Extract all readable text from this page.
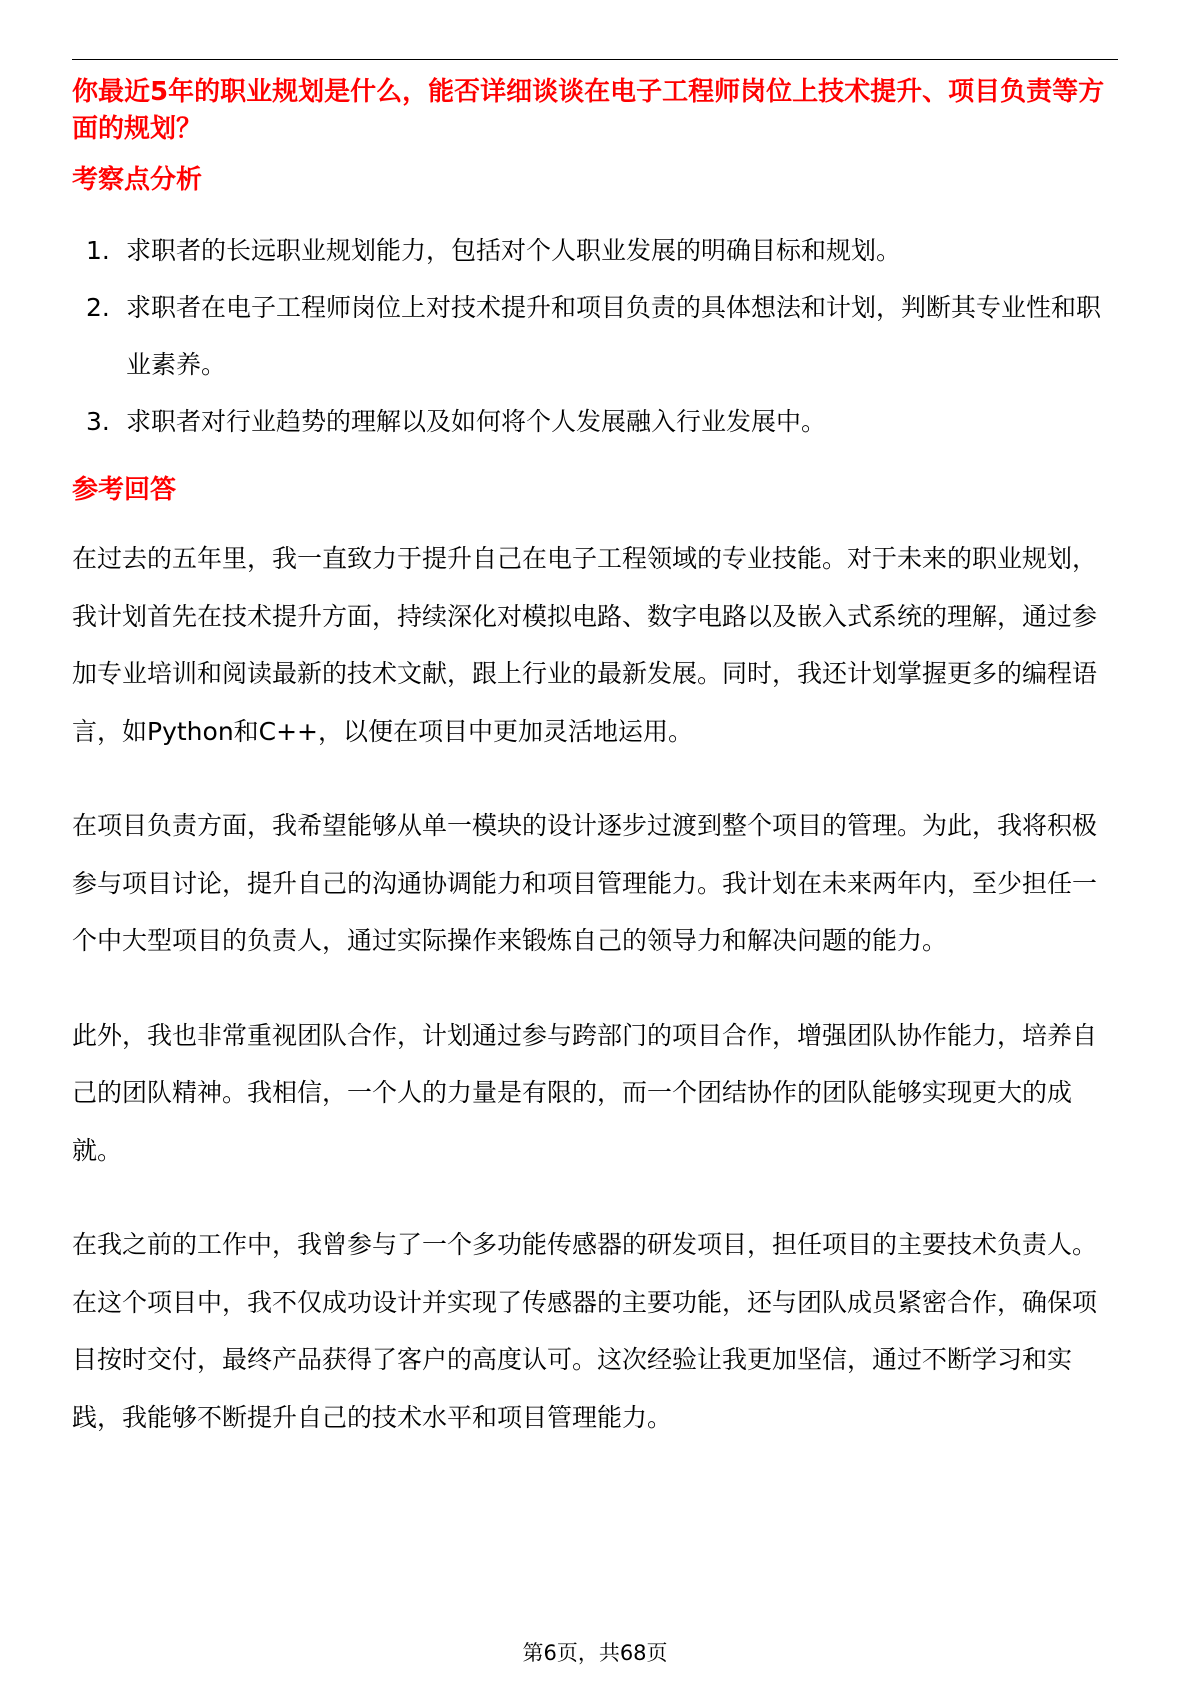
你最近5年的职业规划是什么，能否详细谈谈在电子工程师岗位上技术提升、项目负责等方面的规划？

考察点分析

1. 求职者的长远职业规划能力，包括对个人职业发展的明确目标和规划。
2. 求职者在电子工程师岗位上对技术提升和项目负责的具体想法和计划，判断其专业性和职业素养。
3. 求职者对行业趋势的理解以及如何将个人发展融入行业发展中。

参考回答

在过去的五年里，我一直致力于提升自己在电子工程领域的专业技能。对于未来的职业规划，我计划首先在技术提升方面，持续深化对模拟电路、数字电路以及嵌入式系统的理解，通过参加专业培训和阅读最新的技术文献，跟上行业的最新发展。同时，我还计划掌握更多的编程语言，如Python和C++，以便在项目中更加灵活地运用。

在项目负责方面，我希望能够从单一模块的设计逐步过渡到整个项目的管理。为此，我将积极参与项目讨论，提升自己的沟通协调能力和项目管理能力。我计划在未来两年内，至少担任一个中大型项目的负责人，通过实际操作来锻炼自己的领导力和解决问题的能力。

此外，我也非常重视团队合作，计划通过参与跨部门的项目合作，增强团队协作能力，培养自己的团队精神。我相信，一个人的力量是有限的，而一个团结协作的团队能够实现更大的成就。

在我之前的工作中，我曾参与了一个多功能传感器的研发项目，担任项目的主要技术负责人。在这个项目中，我不仅成功设计并实现了传感器的主要功能，还与团队成员紧密合作，确保项目按时交付，最终产品获得了客户的高度认可。这次经验让我更加坚信，通过不断学习和实践，我能够不断提升自己的技术水平和项目管理能力。

第6页，共68页
